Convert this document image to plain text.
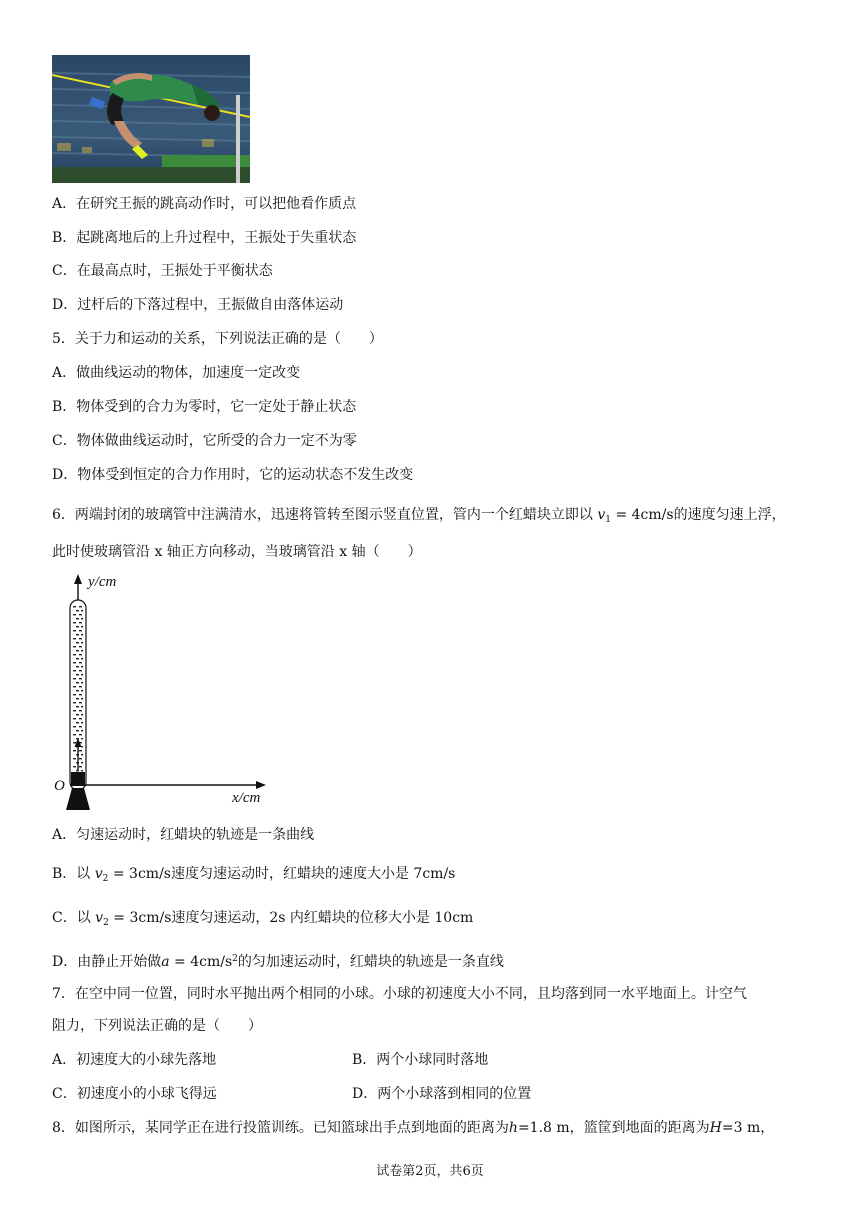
A．在研究王振的跳高动作时，可以把他看作质点
B．起跳离地后的上升过程中，王振处于失重状态
C．在最高点时，王振处于平衡状态
D．过杆后的下落过程中，王振做自由落体运动
5．关于力和运动的关系，下列说法正确的是（　　）
A．做曲线运动的物体，加速度一定改变
B．物体受到的合力为零时，它一定处于静止状态
C．物体做曲线运动时，它所受的合力一定不为零
D．物体受到恒定的合力作用时，它的运动状态不发生改变
6．两端封闭的玻璃管中注满清水，迅速将管转至图示竖直位置，管内一个红蜡块立即以 $v_1 = 4cm/s$的速度匀速上浮，
此时使玻璃管沿 x 轴正方向移动，当玻璃管沿 x 轴（　　）
y/cm
x/cm
O
A．匀速运动时，红蜡块的轨迹是一条曲线
B．以 $v_2 = 3cm/s$速度匀速运动时，红蜡块的速度大小是 7cm/s
C．以 $v_2 = 3cm/s$速度匀速运动，2s 内红蜡块的位移大小是 10cm
D．由静止开始做$a = 4cm/s^2$的匀加速运动时，红蜡块的轨迹是一条直线
7．在空中同一位置，同时水平抛出两个相同的小球。小球的初速度大小不同，且均落到同一水平地面上。计空气
阻力，下列说法正确的是（　　）
A．初速度大的小球先落地	B．两个小球同时落地
C．初速度小的小球飞得远	D．两个小球落到相同的位置
8．如图所示，某同学正在进行投篮训练。已知篮球出手点到地面的距离为h=1.8 m，篮筐到地面的距离为H=3 m，
试卷第2页，共6页
